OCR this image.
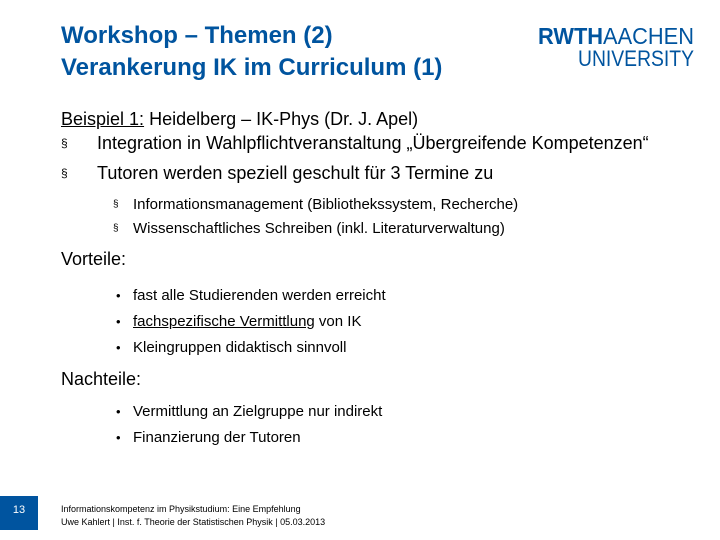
Workshop – Themen (2)
Verankerung IK im Curriculum (1)
RWTHAACHEN
UNIVERSITY
Beispiel 1: Heidelberg – IK-Phys (Dr. J. Apel)
§ Integration in Wahlpflichtveranstaltung „Übergreifende Kompetenzen“
§ Tutoren werden speziell geschult für 3 Termine zu
§ Informationsmanagement (Bibliothekssystem, Recherche)
§ Wissenschaftliches Schreiben (inkl. Literaturverwaltung)
Vorteile:
• fast alle Studierenden werden erreicht
• fachspezifische Vermittlung von IK
• Kleingruppen didaktisch sinnvoll
Nachteile:
• Vermittlung an Zielgruppe nur indirekt
• Finanzierung der Tutoren
13	Informationskompetenz im Physikstudium: Eine Empfehlung
Uwe Kahlert | Inst. f. Theorie der Statistischen Physik | 05.03.2013
